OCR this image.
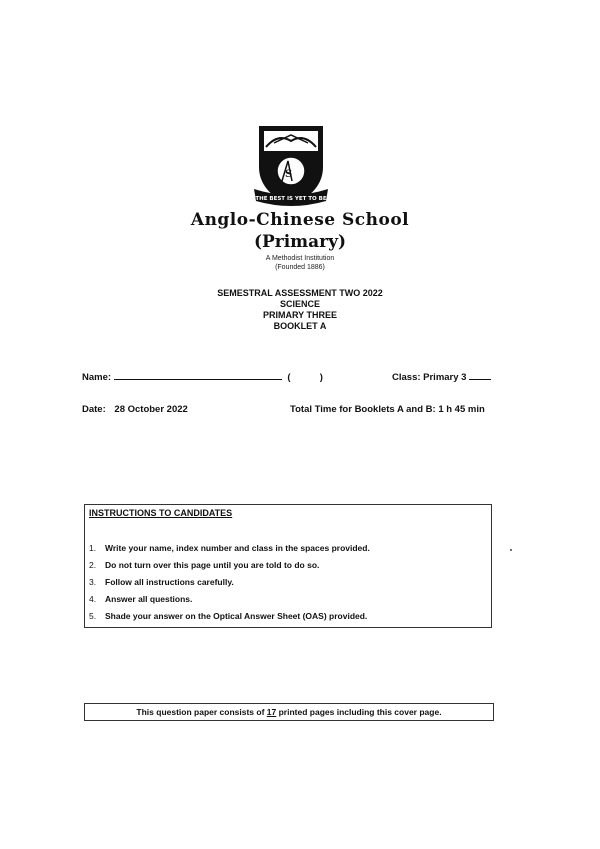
S
THE BEST IS YET TO BE
Anglo-Chinese School
(Primary)
A Methodist Institution
(Founded 1886)
SEMESTRAL ASSESSMENT TWO 2022
SCIENCE
PRIMARY THREE
BOOKLET A
Name:	(	)	Class: Primary 3
Date: 28 October 2022	Total Time for Booklets A and B: 1 h 45 min
INSTRUCTIONS TO CANDIDATES
1.	Write your name, index number and class in the spaces provided.
2.	Do not turn over this page until you are told to do so.
3.	Follow all instructions carefully.
4.	Answer all questions.
5.	Shade your answer on the Optical Answer Sheet (OAS) provided.
This question paper consists of 17 printed pages including this cover page.
